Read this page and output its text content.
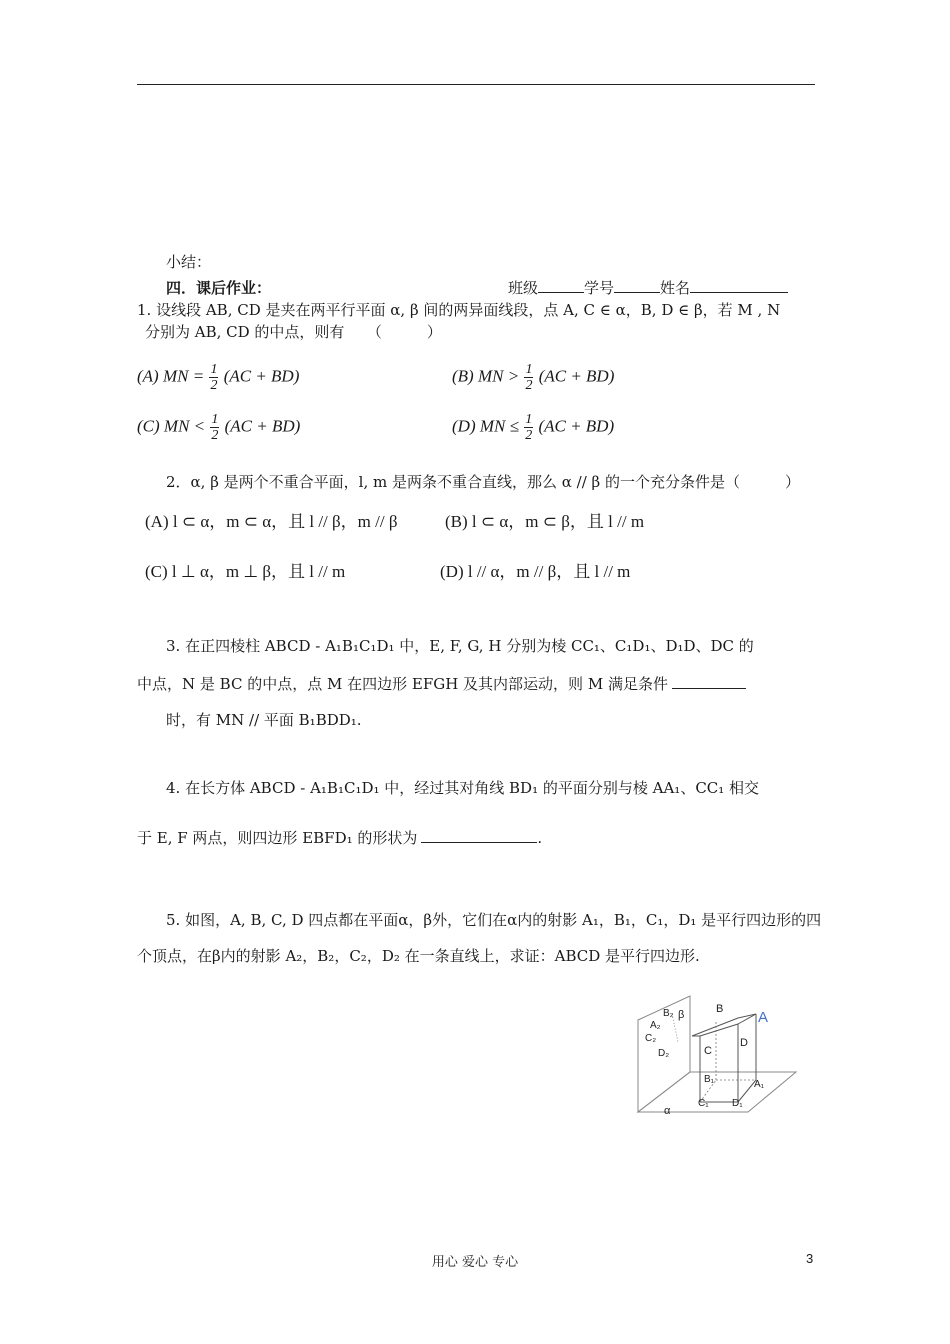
小结：
四．课后作业：	班级	学号	姓名
1. 设线段 AB, CD 是夹在两平行平面 α, β 间的两异面线段，点 A, C ∈ α，B, D ∈ β，若 M , N
分别为 AB, CD 的中点，则有　　（　　　）
(A) MN = $\frac{1}{2} (AC + BD)$	(B) MN > $\frac{1}{2} (AC + BD)$
(C) MN < $\frac{1}{2} (AC + BD)$	(D) MN ≤ $\frac{1}{2} (AC + BD)$
2．α, β 是两个不重合平面，l, m 是两条不重合直线，那么 α // β 的一个充分条件是（　　　）
(A) l ⊂ α，m ⊂ α，且 l // β，m // β	(B) l ⊂ α，m ⊂ β，且 l // m
(C) l ⊥ α，m ⊥ β，且 l // m	(D) l // α，m // β，且 l // m
3. 在正四棱柱 ABCD - A₁B₁C₁D₁ 中，E, F, G, H 分别为棱 CC₁、C₁D₁、D₁D、DC 的
中点，N 是 BC 的中点，点 M 在四边形 EFGH 及其内部运动，则 M 满足条件
时，有 MN // 平面 B₁BDD₁.
4. 在长方体 ABCD - A₁B₁C₁D₁ 中，经过其对角线 BD₁ 的平面分别与棱 AA₁、CC₁ 相交
于 E, F 两点，则四边形 EBFD₁ 的形状为	.
5. 如图，A, B, C, D 四点都在平面α，β外，它们在α内的射影 A₁，B₁，C₁，D₁ 是平行四边形的四
个顶点，在β内的射影 A₂，B₂，C₂，D₂ 在一条直线上，求证：ABCD 是平行四边形.
β
α
B A
C
D
B₂
A₂
C₂
D₂
B₁	A₁
C₁ D₁
用心 爱心 专心	3
